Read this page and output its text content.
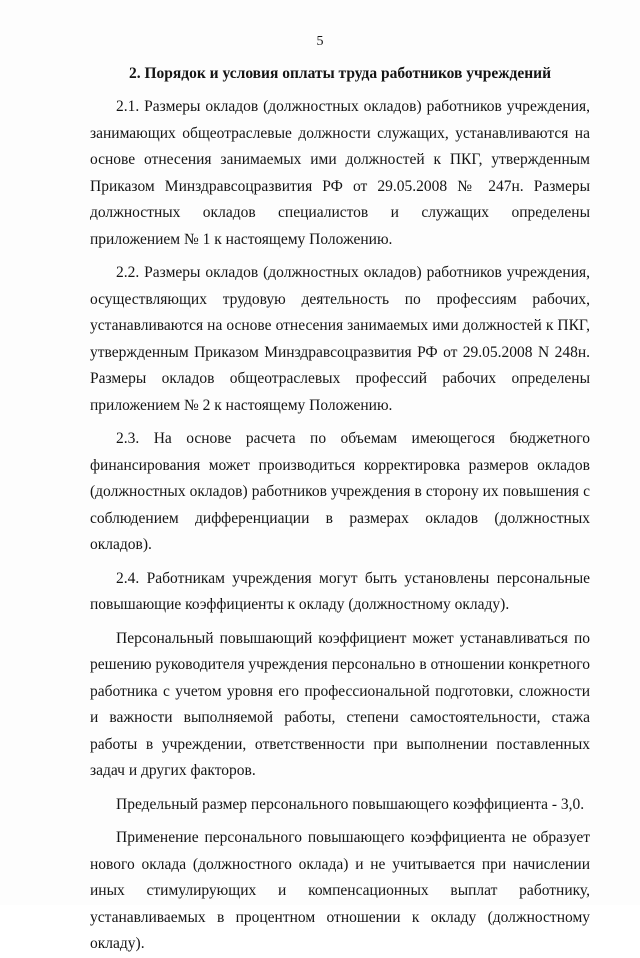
5
2. Порядок и условия оплаты труда работников учреждений

2.1. Размеры окладов (должностных окладов) работников учреждения, занимающих общеотраслевые должности служащих, устанавливаются на основе отнесения занимаемых ими должностей к ПКГ, утвержденным Приказом Минздравсоцразвития РФ от 29.05.2008 № 247н. Размеры должностных окладов специалистов и служащих определены приложением № 1 к настоящему Положению.

2.2. Размеры окладов (должностных окладов) работников учреждения, осуществляющих трудовую деятельность по профессиям рабочих, устанавливаются на основе отнесения занимаемых ими должностей к ПКГ, утвержденным Приказом Минздравсоцразвития РФ от 29.05.2008 N 248н. Размеры окладов общеотраслевых профессий рабочих определены приложением № 2 к настоящему Положению.

2.3. На основе расчета по объемам имеющегося бюджетного финансирования может производиться корректировка размеров окладов (должностных окладов) работников учреждения в сторону их повышения с соблюдением дифференциации в размерах окладов (должностных окладов).

2.4. Работникам учреждения могут быть установлены персональные повышающие коэффициенты к окладу (должностному окладу).

Персональный повышающий коэффициент может устанавливаться по решению руководителя учреждения персонально в отношении конкретного работника с учетом уровня его профессиональной подготовки, сложности и важности выполняемой работы, степени самостоятельности, стажа работы в учреждении, ответственности при выполнении поставленных задач и других факторов.

Предельный размер персонального повышающего коэффициента - 3,0.

Применение персонального повышающего коэффициента не образует нового оклада (должностного оклада) и не учитывается при начислении иных стимулирующих и компенсационных выплат работнику, устанавливаемых в процентном отношении к окладу (должностному окладу).
